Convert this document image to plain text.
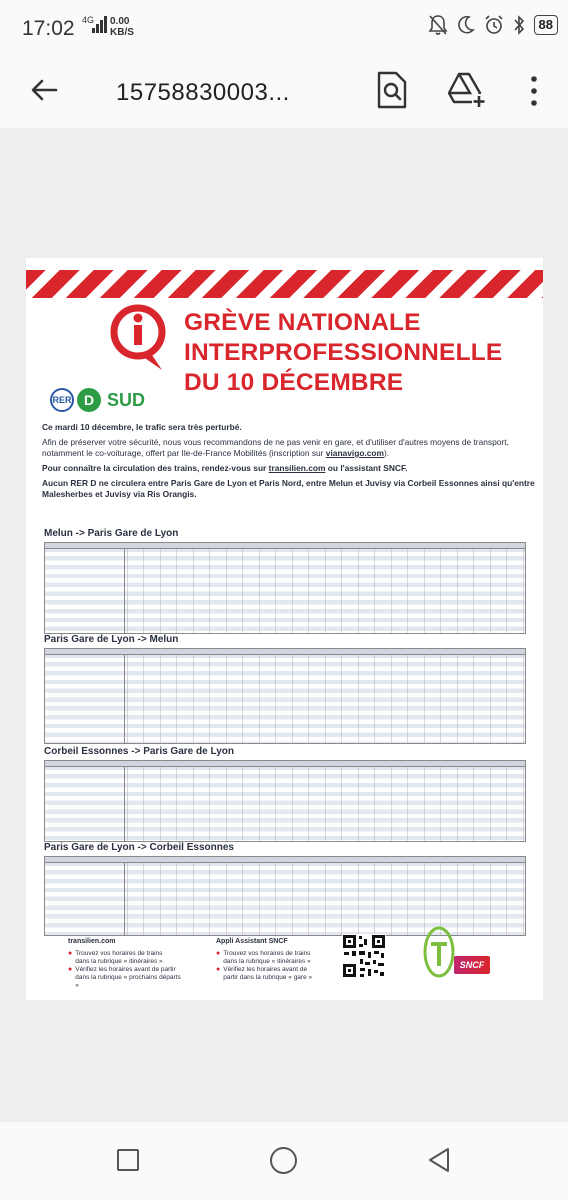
17:02 4G 0.00
KB/S
88
15758830003...
RER D SUD
GRÈVE NATIONALE
INTERPROFESSIONNELLE
DU 10 DÉCEMBRE

Ce mardi 10 décembre, le trafic sera très perturbé.

Afin de préserver votre sécurité, nous vous recommandons de ne pas venir en gare, et d'utiliser d'autres moyens de transport, notamment le co-voiturage, offert par Ile-de-France Mobilités (inscription sur vianavigo.com).

Pour connaître la circulation des trains, rendez-vous sur transilien.com ou l'assistant SNCF.

Aucun RER D ne circulera entre Paris Gare de Lyon et Paris Nord, entre Melun et Juvisy via Corbeil Essonnes ainsi qu'entre Malesherbes et Juvisy via Ris Orangis.

Melun -> Paris Gare de Lyon
Paris Gare de Lyon -> Melun
Corbeil Essonnes -> Paris Gare de Lyon
Paris Gare de Lyon -> Corbeil Essonnes
transilien.com
● Trouvez vos horaires de trains dans la rubrique « itinéraires »
● Vérifiez les horaires avant de partir dans la rubrique « prochains départs »
Appli Assistant SNCF
● Trouvez vos horaires de trains dans la rubrique « itinéraires »
● Vérifiez les horaires avant de partir dans la rubrique « gare »
SNCF
